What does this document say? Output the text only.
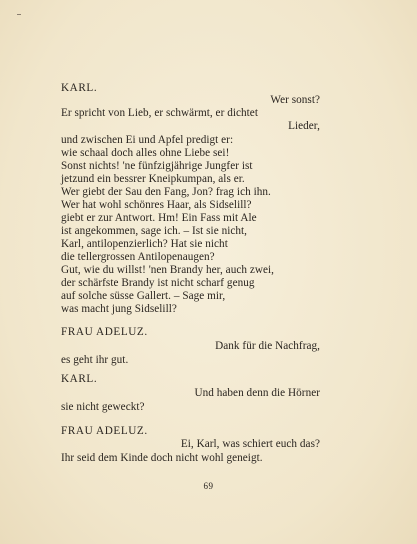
KARL.
Wer sonst?
Er spricht von Lieb, er schwärmt, er dichtet
Lieder,
und zwischen Ei und Apfel predigt er:
wie schaal doch alles ohne Liebe sei!
Sonst nichts! 'ne fünfzigjährige Jungfer ist
jetzund ein bessrer Kneipkumpan, als er.
Wer giebt der Sau den Fang, Jon? frag ich ihn.
Wer hat wohl schönres Haar, als Sidselill?
giebt er zur Antwort. Hm! Ein Fass mit Ale
ist angekommen, sage ich. – Ist sie nicht,
Karl, antilopenzierlich? Hat sie nicht
die tellergrossen Antilopenaugen?
Gut, wie du willst! 'nen Brandy her, auch zwei,
der schärfste Brandy ist nicht scharf genug
auf solche süsse Gallert. – Sage mir,
was macht jung Sidselill?
FRAU ADELUZ.
Dank für die Nachfrag,
es geht ihr gut.
KARL.
Und haben denn die Hörner
sie nicht geweckt?
FRAU ADELUZ.
Ei, Karl, was schiert euch das?
Ihr seid dem Kinde doch nicht wohl geneigt.
69
